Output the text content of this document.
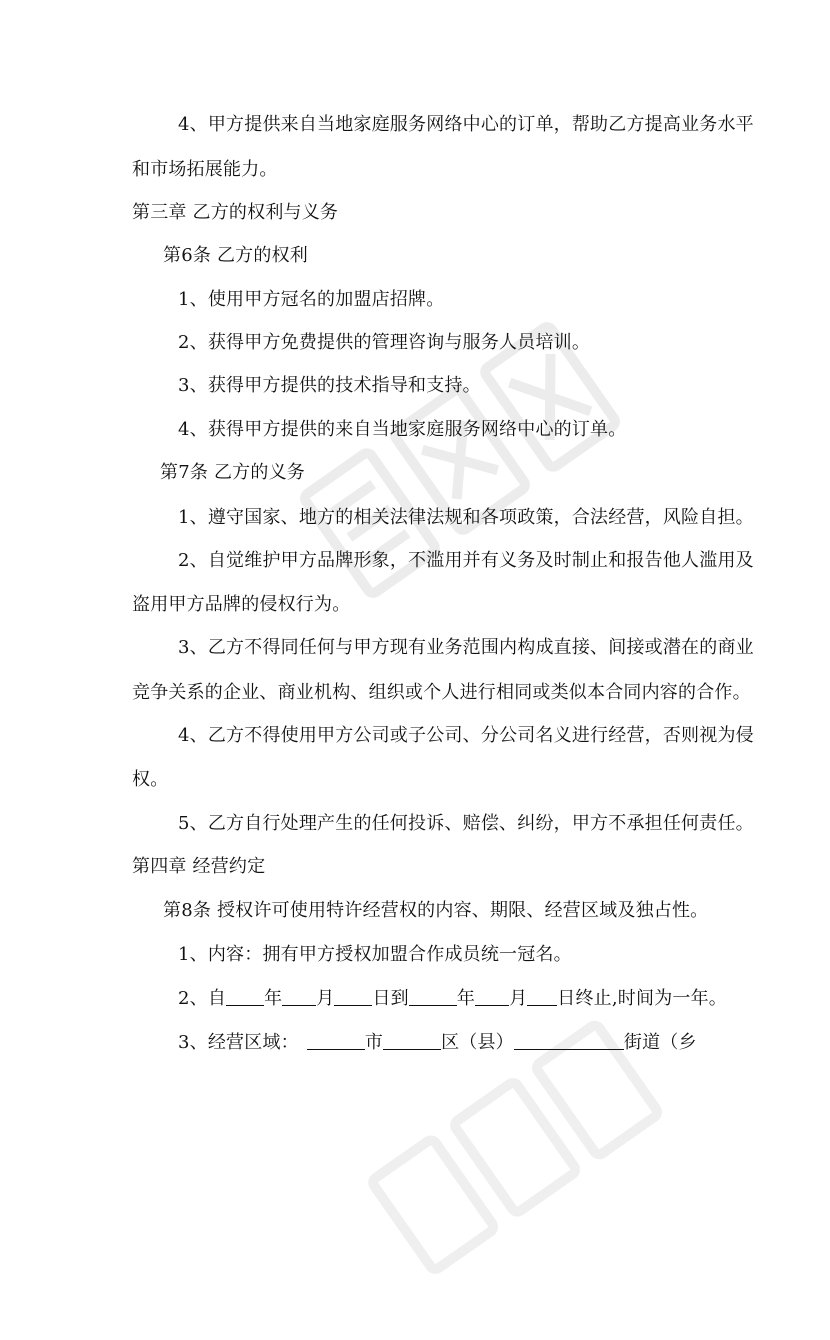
4、甲方提供来自当地家庭服务网络中心的订单，帮助乙方提高业务水平
和市场拓展能力。
第三章 乙方的权利与义务
第6条 乙方的权利
1、使用甲方冠名的加盟店招牌。
2、获得甲方免费提供的管理咨询与服务人员培训。
3、获得甲方提供的技术指导和支持。
4、获得甲方提供的来自当地家庭服务网络中心的订单。
第7条 乙方的义务
1、遵守国家、地方的相关法律法规和各项政策，合法经营，风险自担。
2、自觉维护甲方品牌形象，不滥用并有义务及时制止和报告他人滥用及
盗用甲方品牌的侵权行为。
3、乙方不得同任何与甲方现有业务范围内构成直接、间接或潜在的商业
竞争关系的企业、商业机构、组织或个人进行相同或类似本合同内容的合作。
4、乙方不得使用甲方公司或子公司、分公司名义进行经营，否则视为侵
权。
5、乙方自行处理产生的任何投诉、赔偿、纠纷，甲方不承担任何责任。
第四章 经营约定
第8条 授权许可使用特许经营权的内容、期限、经营区域及独占性。
1、内容：拥有甲方授权加盟合作成员统一冠名。
2、自 年 月 日到	年 月 日终止,时间为一年。
3、经营区域：	市	区（县）	街道（乡
